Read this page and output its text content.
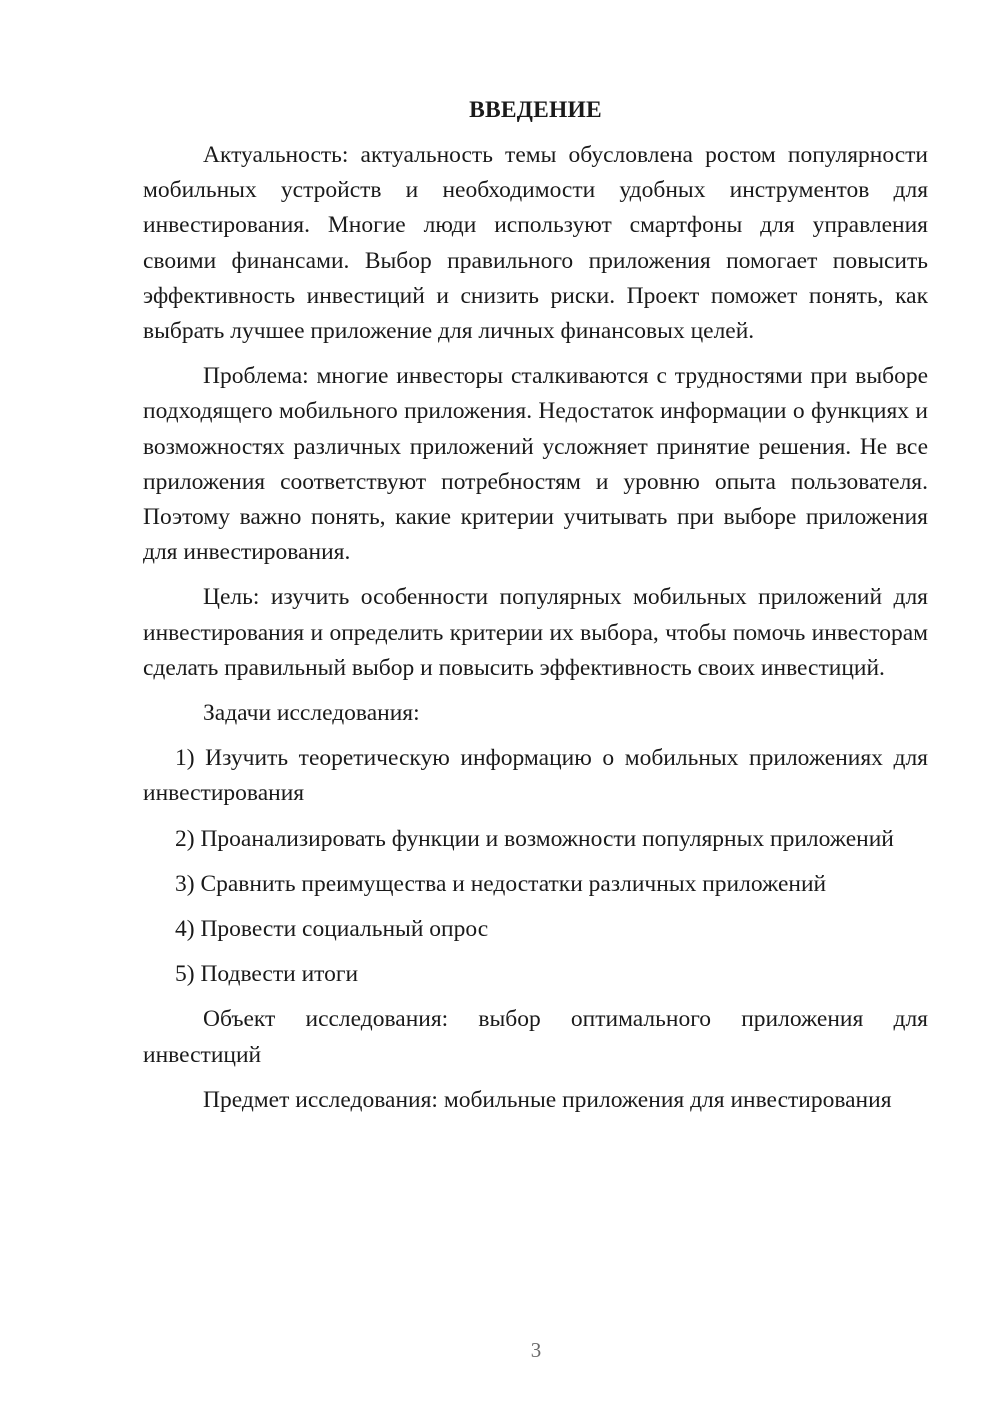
ВВЕДЕНИЕ

Актуальность: актуальность темы обусловлена ростом популярности мобильных устройств и необходимости удобных инструментов для инвестирования. Многие люди используют смартфоны для управления своими финансами. Выбор правильного приложения помогает повысить эффективность инвестиций и снизить риски. Проект поможет понять, как выбрать лучшее приложение для личных финансовых целей.

Проблема: многие инвесторы сталкиваются с трудностями при выборе подходящего мобильного приложения. Недостаток информации о функциях и возможностях различных приложений усложняет принятие решения. Не все приложения соответствуют потребностям и уровню опыта пользователя. Поэтому важно понять, какие критерии учитывать при выборе приложения для инвестирования.

Цель: изучить особенности популярных мобильных приложений для инвестирования и определить критерии их выбора, чтобы помочь инвесторам сделать правильный выбор и повысить эффективность своих инвестиций.

Задачи исследования:

1) Изучить теоретическую информацию о мобильных приложениях для инвестирования

2) Проанализировать функции и возможности популярных приложений

3) Сравнить преимущества и недостатки различных приложений

4) Провести социальный опрос

5) Подвести итоги

Объект исследования: выбор оптимального приложения для инвестиций

Предмет исследования: мобильные приложения для инвестирования

3
